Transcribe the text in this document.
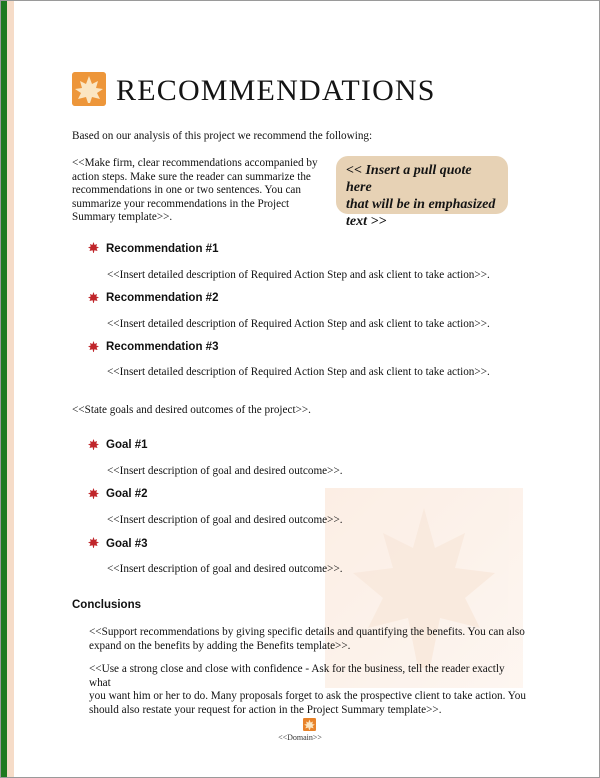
RECOMMENDATIONS
Based on our analysis of this project we recommend the following:
<<Make firm, clear recommendations accompanied by
action steps. Make sure the reader can summarize the
recommendations in one or two sentences. You can
summarize your recommendations in the Project
Summary template>>.
<< Insert a pull quote here
that will be in emphasized
text >>
Recommendation #1
<<Insert detailed description of Required Action Step and ask client to take action>>.
Recommendation #2
<<Insert detailed description of Required Action Step and ask client to take action>>.
Recommendation #3
<<Insert detailed description of Required Action Step and ask client to take action>>.
<<State goals and desired outcomes of the project>>.
Goal #1
<<Insert description of goal and desired outcome>>.
Goal #2
<<Insert description of goal and desired outcome>>.
Goal #3
<<Insert description of goal and desired outcome>>.
Conclusions
<<Support recommendations by giving specific details and quantifying the benefits. You can also
expand on the benefits by adding the Benefits template>>.
<<Use a strong close and close with confidence - Ask for the business, tell the reader exactly what
you want him or her to do. Many proposals forget to ask the prospective client to take action. You
should also restate your request for action in the Project Summary template>>.
<<Domain>>
